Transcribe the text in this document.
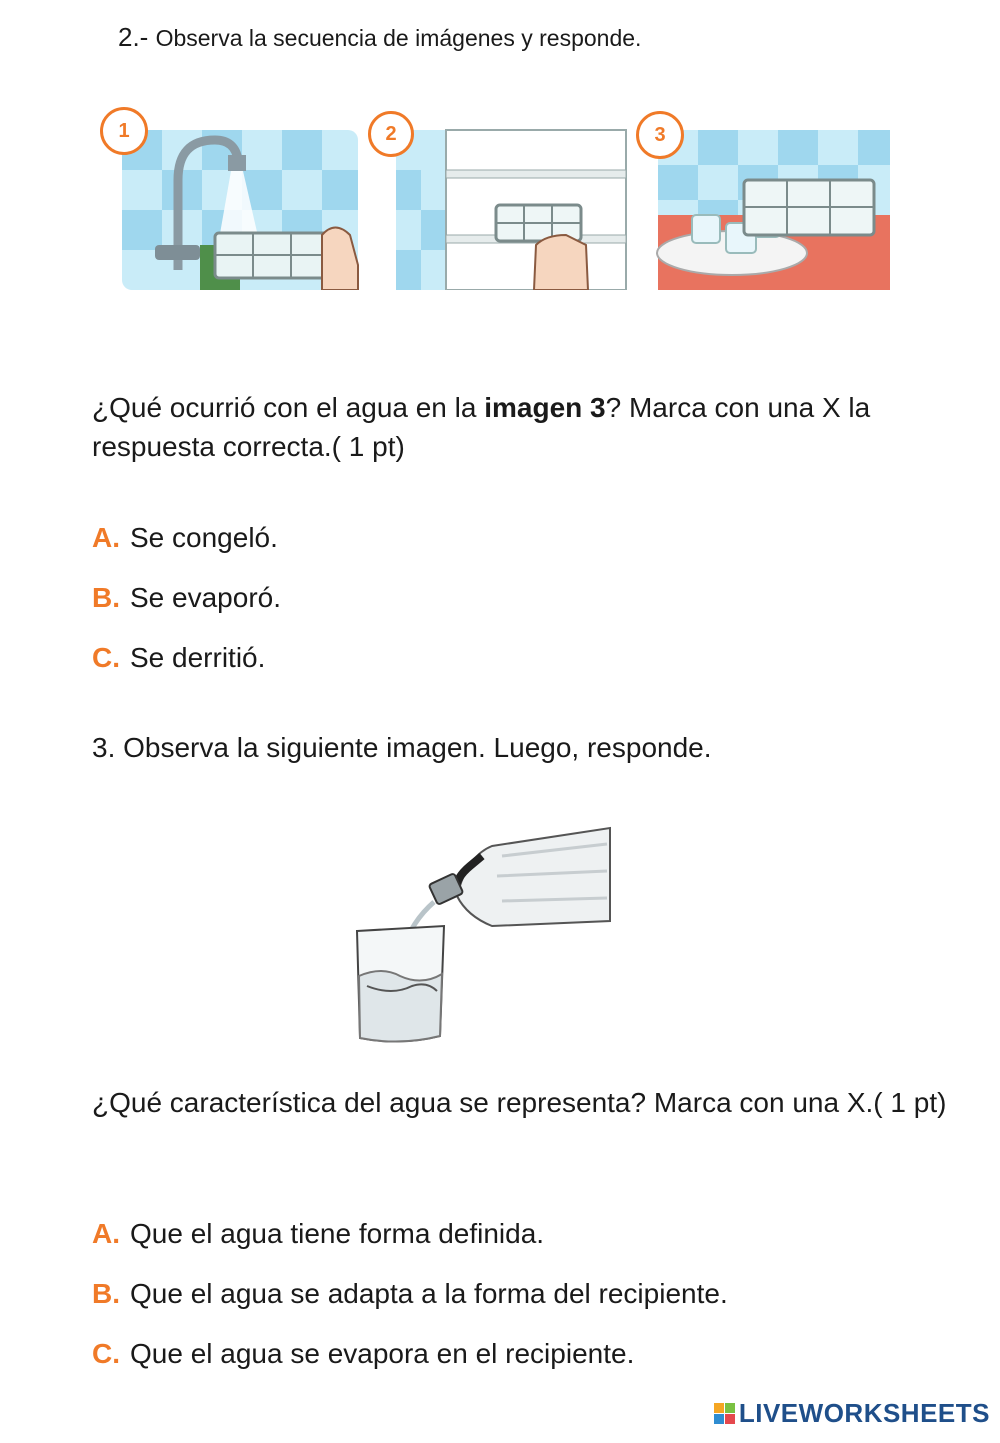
2.- Observa la secuencia de imágenes y responde.
1	2	3
¿Qué ocurrió con el agua en la imagen 3? Marca con una X la respuesta correcta.( 1 pt)
A. Se congeló.
B. Se evaporó.
C. Se derritió.
3. Observa la siguiente imagen. Luego, responde.
¿Qué característica del agua se representa? Marca con una X.( 1 pt)
A. Que el agua tiene forma definida.
B. Que el agua se adapta a la forma del recipiente.
C. Que el agua se evapora en el recipiente.
LIVEWORKSHEETS
